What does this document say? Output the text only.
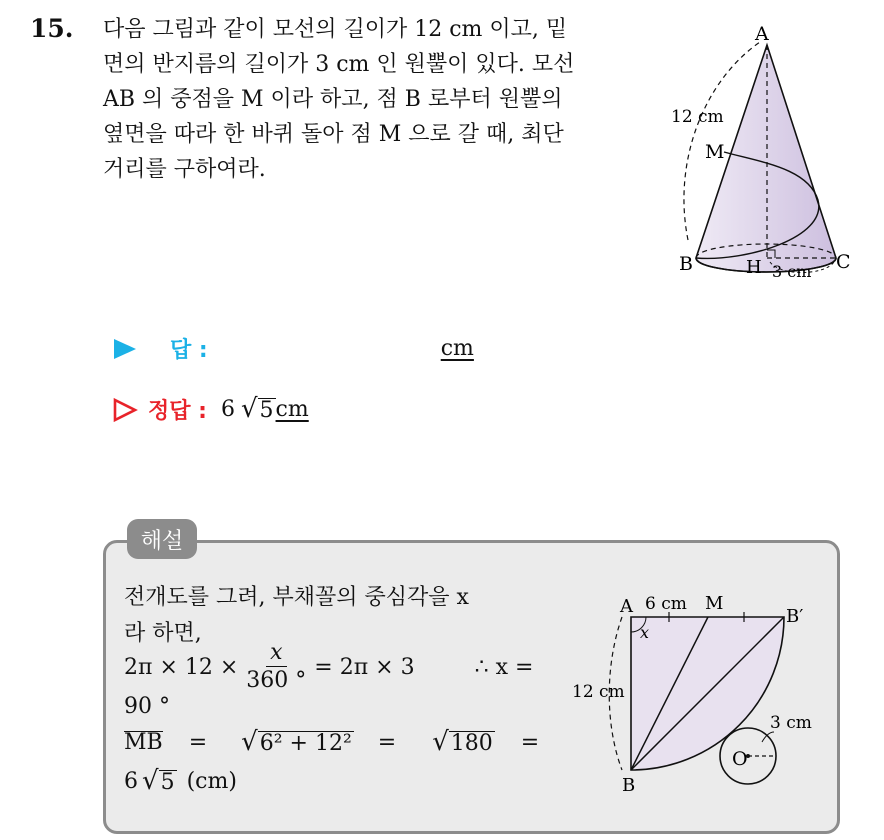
15. 다음 그림과 같이 모선의 길이가 12 cm 이고, 밑

면의 반지름의 길이가 3 cm 인 원뿔이 있다. 모선

AB 의 중점을 M 이라 하고, 점 B 로부터 원뿔의

옆면을 따라 한 바퀴 돌아 점 M 으로 갈 때, 최단

거리를 구하여라.

A
B	C
H
M
12 cm
3 cm
답 :	cm
정답 : 6 √ 5 cm
해설
전개도를 그려, 부채꼴의 중심각을 x
라 하면,
$2\pi \times 12 \times \frac{x}{360 ^\circ} = 2\pi \times 3$	∴ x =
90 °
MB = √ 6² + 12² = √ 180 =
6 √ 5 (cm)
A 6 cm M
B′
x
12 cm
B
O
3 cm
